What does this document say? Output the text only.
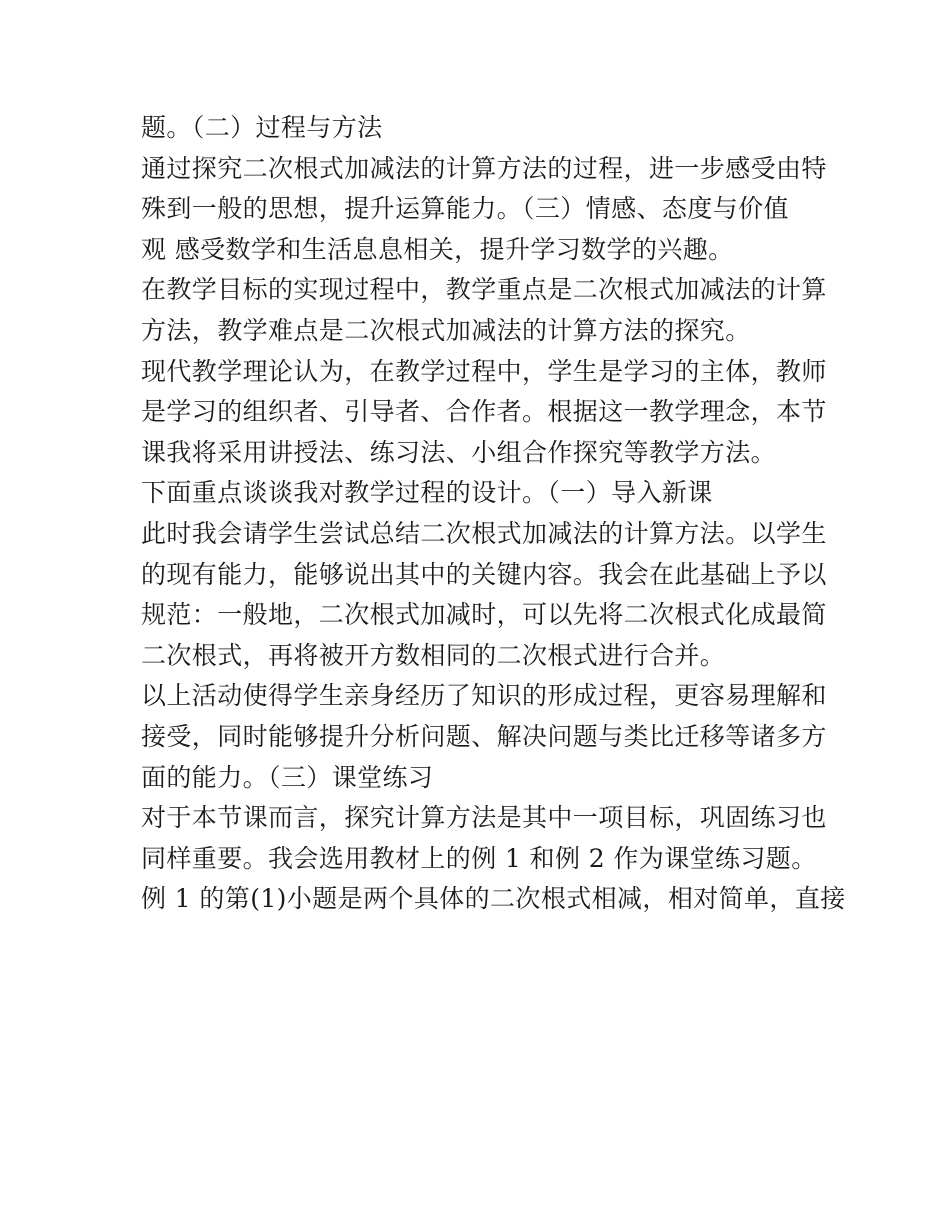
题。（二）过程与方法
通过探究二次根式加减法的计算方法的过程，进一步感受由特
殊到一般的思想，提升运算能力。（三）情感、态度与价值
观 感受数学和生活息息相关，提升学习数学的兴趣。
在教学目标的实现过程中，教学重点是二次根式加减法的计算
方法，教学难点是二次根式加减法的计算方法的探究。
现代教学理论认为，在教学过程中，学生是学习的主体，教师
是学习的组织者、引导者、合作者。根据这一教学理念，本节
课我将采用讲授法、练习法、小组合作探究等教学方法。
下面重点谈谈我对教学过程的设计。（一）导入新课
此时我会请学生尝试总结二次根式加减法的计算方法。以学生
的现有能力，能够说出其中的关键内容。我会在此基础上予以
规范：一般地，二次根式加减时，可以先将二次根式化成最简
二次根式，再将被开方数相同的二次根式进行合并。
以上活动使得学生亲身经历了知识的形成过程，更容易理解和
接受，同时能够提升分析问题、解决问题与类比迁移等诸多方
面的能力。（三）课堂练习
对于本节课而言，探究计算方法是其中一项目标，巩固练习也
同样重要。我会选用教材上的例 1 和例 2 作为课堂练习题。
例 1 的第(1)小题是两个具体的二次根式相减，相对简单，直接
